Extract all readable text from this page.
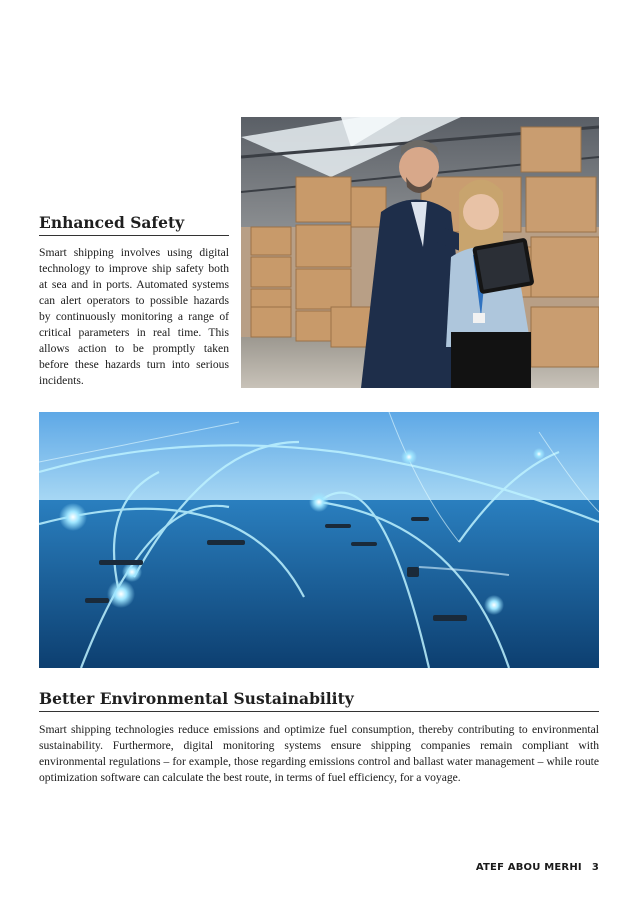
Enhanced Safety

Smart shipping involves using digital technology to improve ship safety both at sea and in ports. Automated systems can alert operators to possible hazards by continuously monitoring a range of critical parameters in real time. This allows action to be promptly taken before these hazards turn into serious incidents.

Better Environmental Sustainability

Smart shipping technologies reduce emissions and optimize fuel consumption, thereby contributing to environmental sustainability. Furthermore, digital monitoring systems ensure shipping companies remain compliant with environmental regulations – for example, those regarding emissions control and ballast water management – while route optimization software can calculate the best route, in terms of fuel efficiency, for a voyage.

ATEF ABOU MERHI 3
